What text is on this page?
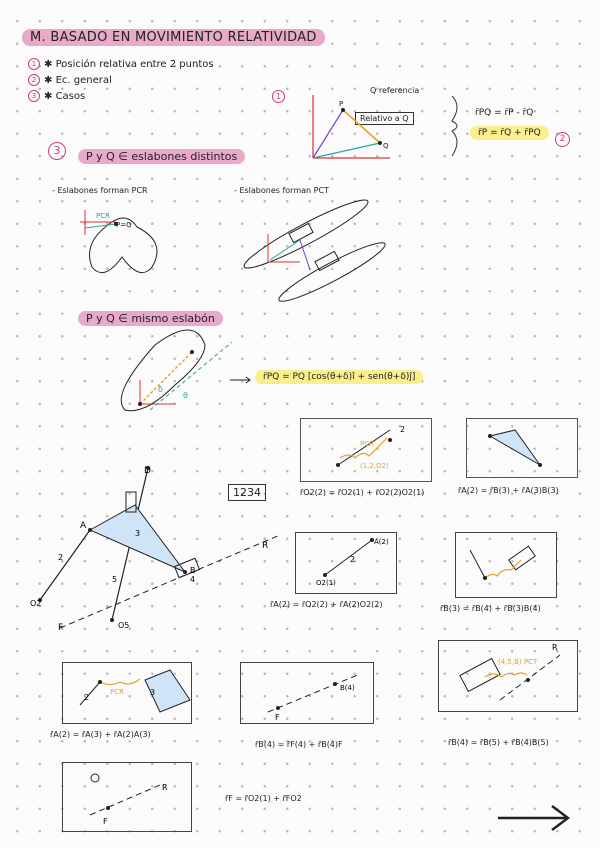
M. BASADO EN MOVIMIENTO RELATIVIDAD
1 ✱ Posición relativa entre 2 puntos
2 ✱ Ec. general
3 ✱ Casos	1
Q referencia
Relativo a Q
r̄PQ = r̄P - r̄Q
r̄P = r̄Q + r̄PQ
2
3	P y Q ∈ eslabones distintos
- Eslabones forman PCR	- Eslabones forman PCT
P y Q ∈ mismo eslabón
r̄PQ = PQ [cos(θ+δ)î + sen(θ+δ)ĵ]
r̄O2(2) = r̄O2(1) + r̄O2(2)O2(1)	r̄A(2) = r̄B(3) + r̄A(3)B(3)
r̄A(2) = r̄O2(2) + r̄A(2)O2(2)	r̄B(3) = r̄B(4) + r̄B(3)B(4)
r̄A(2) = r̄A(3) + r̄A(2)A(3)
r̄B(4) = r̄F(4) + r̄B(4)F	r̄B(4) = r̄B(5) + r̄B(4)B(5)
r̄F = r̄O2(1) + r̄FO2
1234
P
Q
P=Q
θ
δ
D
A
B
O2
O5
F
R
2
3
4
5
PCR
(1,2,O2)
2
A(2)
O2(1)
2
2
PCR	3
F
B(4)
(4,5,B) PCT
R
R
F
PCR
